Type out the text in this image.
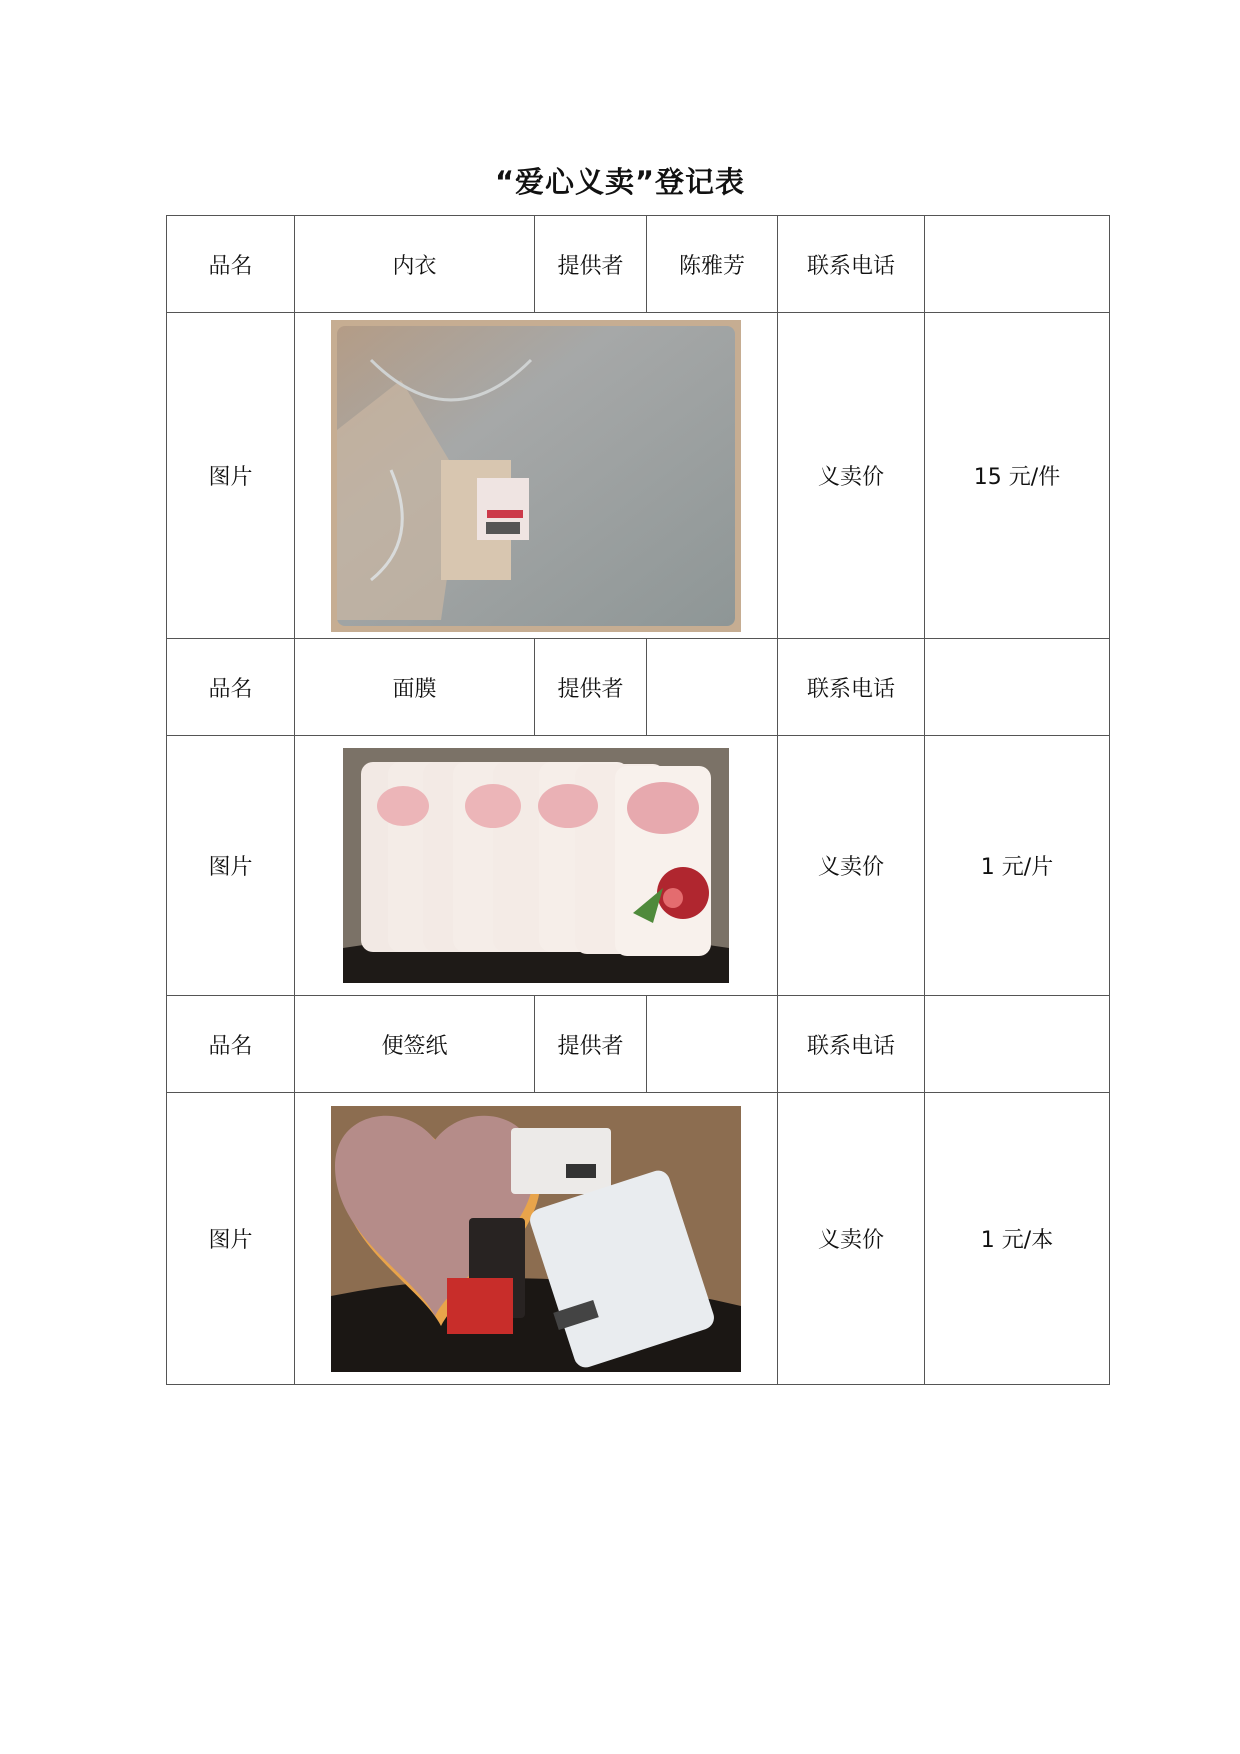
“爱心义卖”登记表
品名	内衣	提供者	陈雅芳	联系电话	
图片				义卖价	15 元/件
品名	面膜	提供者		联系电话	
图片				义卖价	1 元/片
品名	便签纸	提供者		联系电话	
图片				义卖价	1 元/本
